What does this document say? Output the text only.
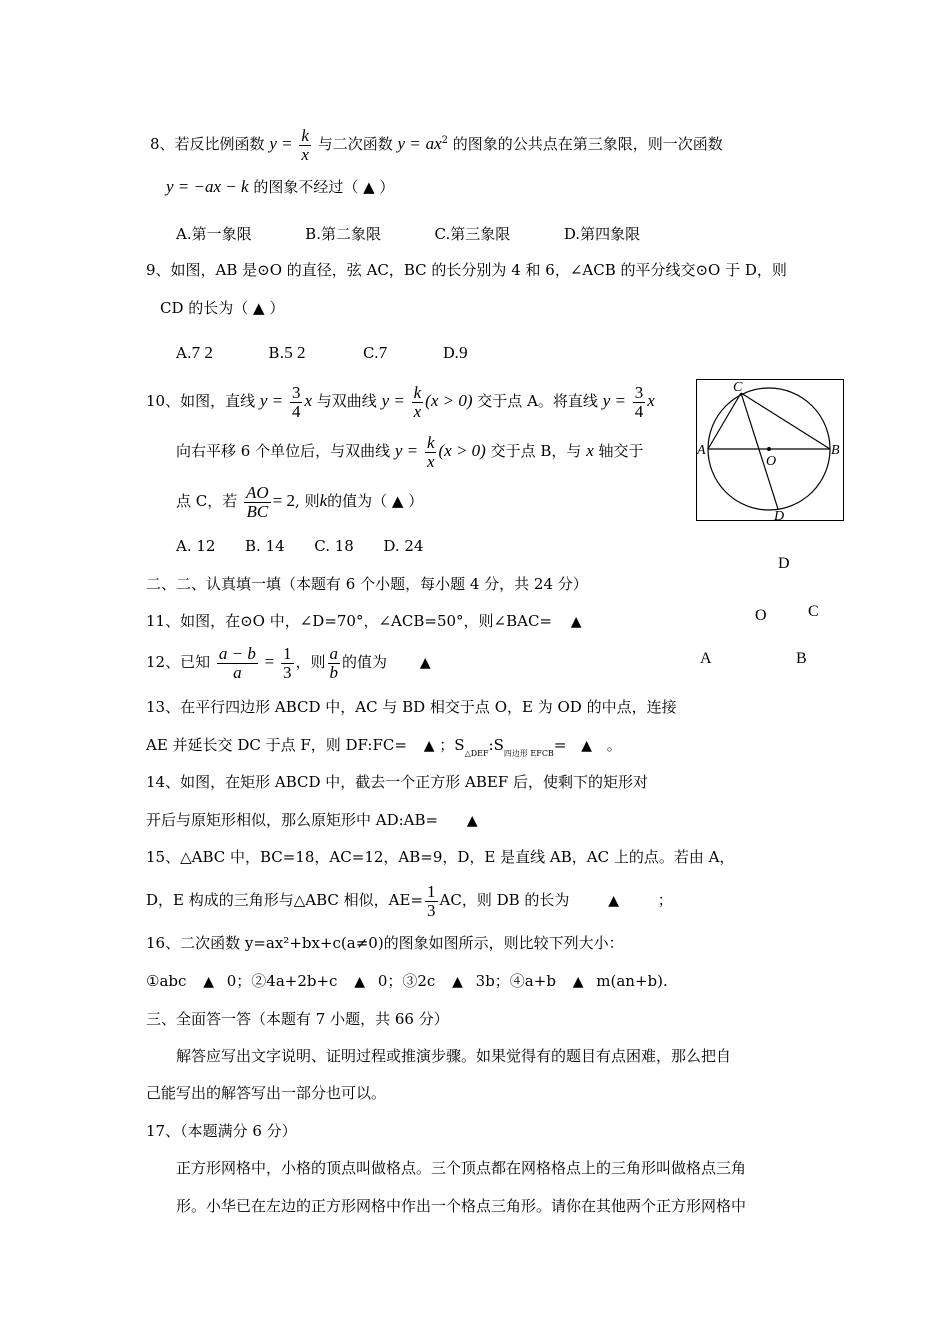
8、若反比例函数 $y = \frac{k}{x}$ 与二次函数 $y = ax^2$ 的图象的公共点在第三象限，则一次函数
y = −ax − k 的图象不经过（ ▲ ）
A.第一象限	B.第二象限	C.第三象限	D.第四象限
9、如图，AB 是⊙O 的直径，弦 AC，BC 的长分别为 4 和 6，∠ACB 的平分线交⊙O 于 D，则
CD 的长为（ ▲ ）
A.7 2	B.5 2	C.7	D.9
10、如图，直线 $y = \frac{3}{4}$ x 与双曲线 $y = \frac{k}{x} (x > 0)$ 交于点 A。将直线 $y = \frac{3}{4}$ x
向右平移 6 个单位后，与双曲线 $y = \frac{k}{x} (x > 0)$ 交于点 B，与 x 轴交于
点 C，若 $\frac{AO}{BC} = 2$, 则k的值为（ ▲ ）
A. 12 B. 14 C. 18 D. 24
C
A	B
O
D
D
O	C
A	B
二、二、认真填一填（本题有 6 个小题，每小题 4 分，共 24 分）
11、如图，在⊙O 中，∠D=70°，∠ACB=50°，则∠BAC= ▲
12、已知 $\frac{a - b}{a} = \frac{1}{3}$ ，则 $\frac{a}{b}$ 的值为 ▲
13、在平行四边形 ABCD 中，AC 与 BD 相交于点 O，E 为 OD 的中点，连接
AE 并延长交 DC 于点 F，则 DF:FC= ▲ ；$S_{\triangle DEF}:S_{四边形 EFCB}=$ ▲ 。
14、如图，在矩形 ABCD 中，截去一个正方形 ABEF 后，使剩下的矩形对
开后与原矩形相似，那么原矩形中 AD:AB= ▲
15、△ABC 中，BC=18，AC=12，AB=9，D，E 是直线 AB，AC 上的点。若由 A，
D，E 构成的三角形与△ABC 相似，$AE= \frac{1}{3}$ AC，则 DB 的长为	▲	；
16、二次函数 y=ax²+bx+c(a≠0)的图象如图所示，则比较下列大小：
①abc ▲ 0；②4a+2b+c ▲ 0；③2c ▲ 3b；④a+b ▲ m(an+b).
三、全面答一答（本题有 7 小题，共 66 分）
解答应写出文字说明、证明过程或推演步骤。如果觉得有的题目有点困难，那么把自
己能写出的解答写出一部分也可以。
17、（本题满分 6 分）
正方形网格中，小格的顶点叫做格点。三个顶点都在网格格点上的三角形叫做格点三角
形。小华已在左边的正方形网格中作出一个格点三角形。请你在其他两个正方形网格中
